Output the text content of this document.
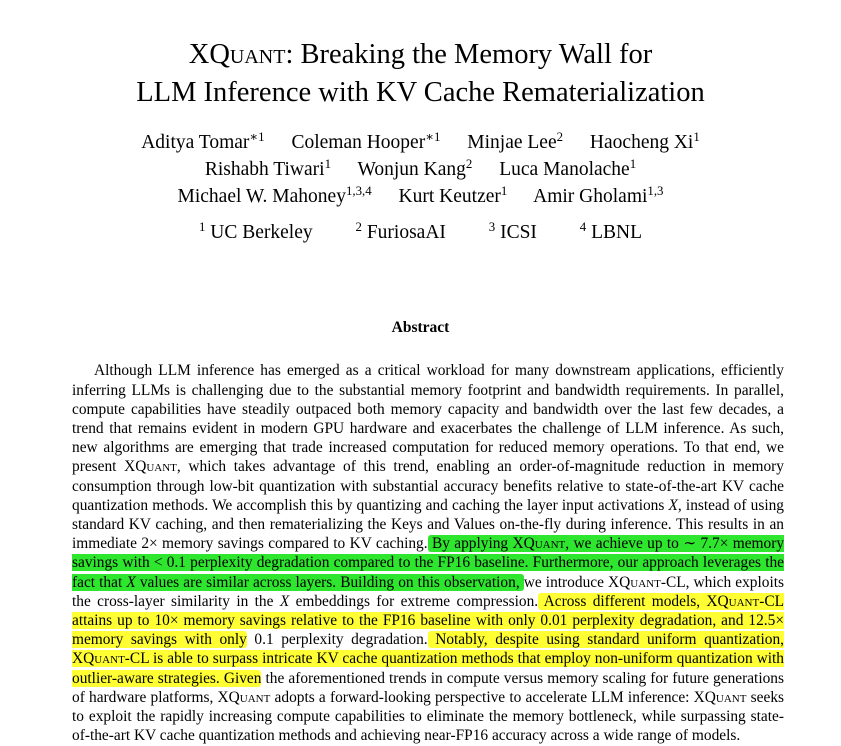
XQuant: Breaking the Memory Wall for
LLM Inference with KV Cache Rematerialization
Aditya Tomar$^{∗1}$ Coleman Hooper$^{∗1}$ Minjae Lee$^2$ Haocheng Xi$^1$
Rishabh Tiwari$^1$ Wonjun Kang$^2$ Luca Manolache$^1$
Michael W. Mahoney$^{1,3,4}$ Kurt Keutzer$^1$ Amir Gholami$^{1,3}$
$^1$ UC Berkeley	$^2$ FuriosaAI	$^3$ ICSI	$^4$ LBNL
Abstract

Although LLM inference has emerged as a critical workload for many downstream applications, efficiently inferring LLMs is challenging due to the substantial memory footprint and bandwidth requirements. In parallel, compute capabilities have steadily outpaced both memory capacity and bandwidth over the last few decades, a trend that remains evident in modern GPU hardware and exacerbates the challenge of LLM inference. As such, new algorithms are emerging that trade increased computation for reduced memory operations. To that end, we present XQuant, which takes advantage of this trend, enabling an order-of-magnitude reduction in memory consumption through low-bit quantization with substantial accuracy benefits relative to state-of-the-art KV cache quantization methods. We accomplish this by quantizing and caching the layer input activations X, instead of using standard KV caching, and then rematerializing the Keys and Values on-the-fly during inference. This results in an immediate 2× memory savings compared to KV caching. By applying XQuant, we achieve up to ∼ 7.7× memory savings with < 0.1 perplexity degradation compared to the FP16 baseline. Furthermore, our approach leverages the fact that X values are similar across layers. Building on this observation, we introduce XQuant-CL, which exploits the cross-layer similarity in the X embeddings for extreme compression. Across different models, XQuant-CL attains up to 10× memory savings relative to the FP16 baseline with only 0.01 perplexity degradation, and 12.5× memory savings with only 0.1 perplexity degradation. Notably, despite using standard uniform quantization, XQuant-CL is able to surpass intricate KV cache quantization methods that employ non-uniform quantization with outlier-aware strategies. Given the aforementioned trends in compute versus memory scaling for future generations of hardware platforms, XQuant adopts a forward-looking perspective to accelerate LLM inference: XQuant seeks to exploit the rapidly increasing compute capabilities to eliminate the memory bottleneck, while surpassing state-of-the-art KV cache quantization methods and achieving near-FP16 accuracy across a wide range of models.
